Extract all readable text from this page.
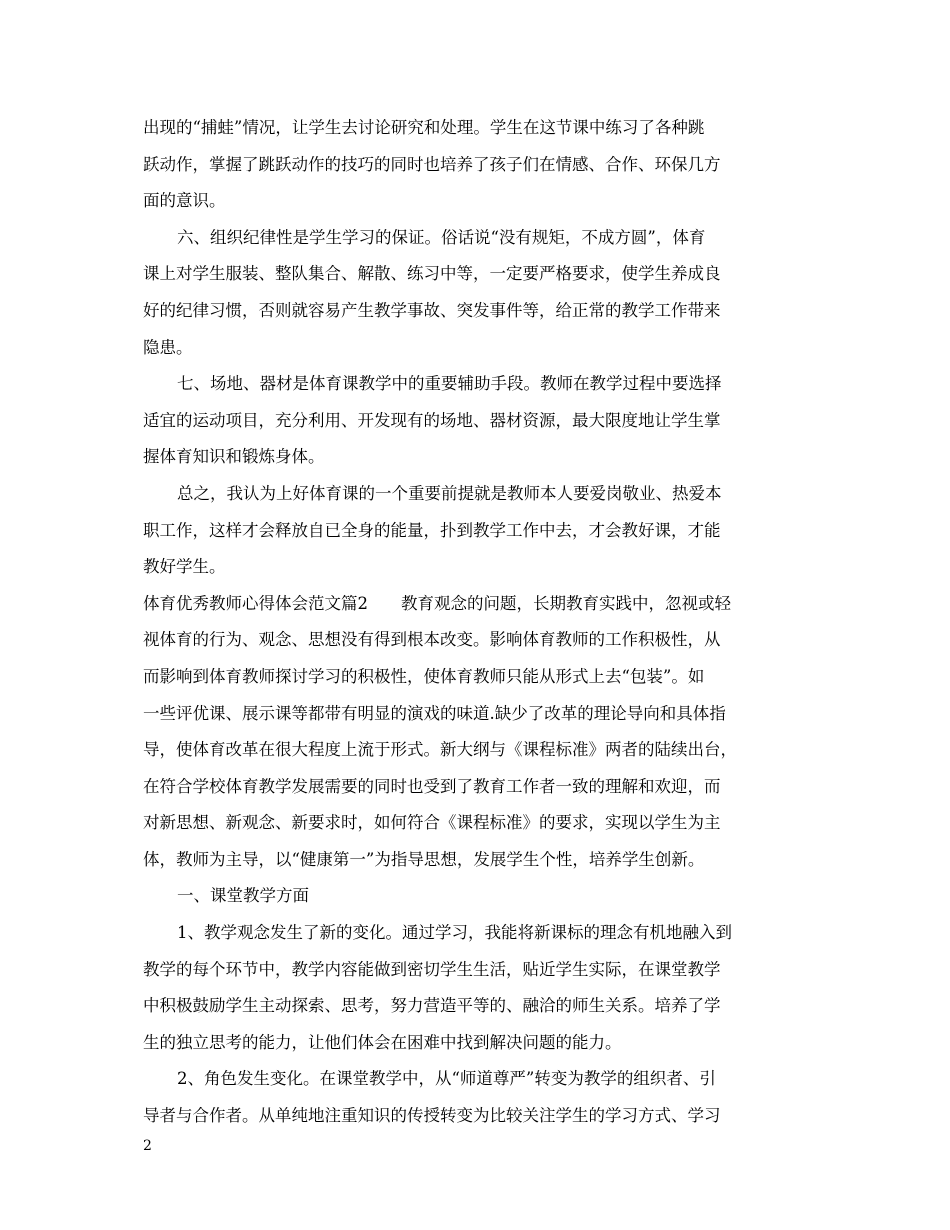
出现的“捕蛙”情况，让学生去讨论研究和处理。学生在这节课中练习了各种跳
跃动作，掌握了跳跃动作的技巧的同时也培养了孩子们在情感、合作、环保几方
面的意识。
六、组织纪律性是学生学习的保证。俗话说“没有规矩，不成方圆”，体育
课上对学生服装、整队集合、解散、练习中等，一定要严格要求，使学生养成良
好的纪律习惯，否则就容易产生教学事故、突发事件等，给正常的教学工作带来
隐患。
七、场地、器材是体育课教学中的重要辅助手段。教师在教学过程中要选择
适宜的运动项目，充分利用、开发现有的场地、器材资源，最大限度地让学生掌
握体育知识和锻炼身体。
总之，我认为上好体育课的一个重要前提就是教师本人要爱岗敬业、热爱本
职工作，这样才会释放自已全身的能量，扑到教学工作中去，才会教好课，才能
教好学生。
体育优秀教师心得体会范文篇2　　教育观念的问题，长期教育实践中，忽视或轻
视体育的行为、观念、思想没有得到根本改变。影响体育教师的工作积极性，从
而影响到体育教师探讨学习的积极性，使体育教师只能从形式上去“包装”。如
一些评优课、展示课等都带有明显的演戏的味道.缺少了改革的理论导向和具体指
导，使体育改革在很大程度上流于形式。新大纲与《课程标准》两者的陆续出台，
在符合学校体育教学发展需要的同时也受到了教育工作者一致的理解和欢迎，而
对新思想、新观念、新要求时，如何符合《课程标准》的要求，实现以学生为主
体，教师为主导，以“健康第一”为指导思想，发展学生个性，培养学生创新。
一、课堂教学方面
1、教学观念发生了新的变化。通过学习，我能将新课标的理念有机地融入到
教学的每个环节中，教学内容能做到密切学生生活，贴近学生实际，在课堂教学
中积极鼓励学生主动探索、思考，努力营造平等的、融洽的师生关系。培养了学
生的独立思考的能力，让他们体会在困难中找到解决问题的能力。
2、角色发生变化。在课堂教学中，从“师道尊严”转变为教学的组织者、引
导者与合作者。从单纯地注重知识的传授转变为比较关注学生的学习方式、学习
2
